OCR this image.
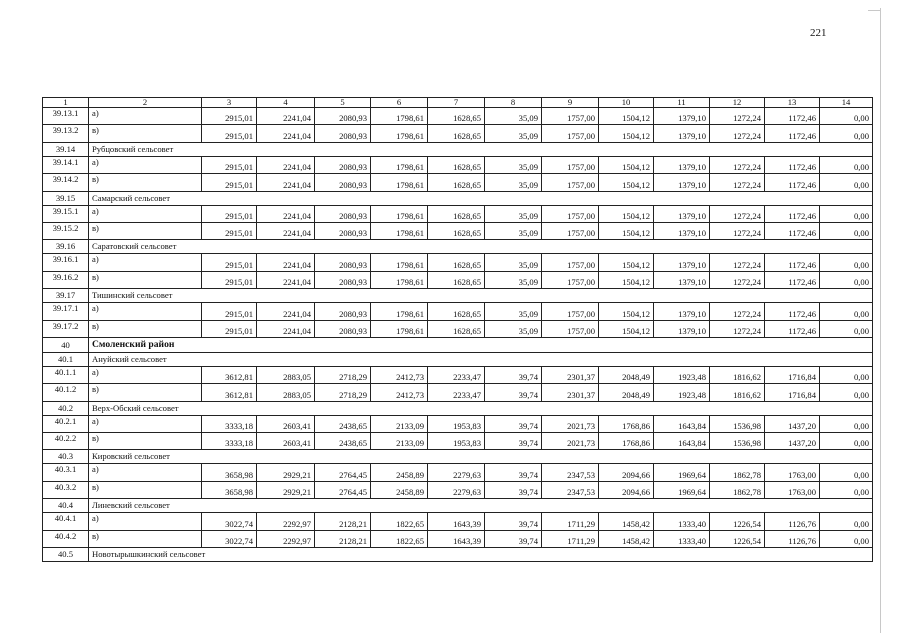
221
1	2	3	4	5	6	7	8	9	10	11	12	13	14
39.13.1	а)	2915,01	2241,04	2080,93	1798,61	1628,65	35,09	1757,00	1504,12	1379,10	1272,24	1172,46	0,00
39.13.2	в)	2915,01	2241,04	2080,93	1798,61	1628,65	35,09	1757,00	1504,12	1379,10	1272,24	1172,46	0,00
39.14	Рубцовский сельсовет												
39.14.1	а)	2915,01	2241,04	2080,93	1798,61	1628,65	35,09	1757,00	1504,12	1379,10	1272,24	1172,46	0,00
39.14.2	в)	2915,01	2241,04	2080,93	1798,61	1628,65	35,09	1757,00	1504,12	1379,10	1272,24	1172,46	0,00
39.15	Самарский сельсовет												
39.15.1	а)	2915,01	2241,04	2080,93	1798,61	1628,65	35,09	1757,00	1504,12	1379,10	1272,24	1172,46	0,00
39.15.2	в)	2915,01	2241,04	2080,93	1798,61	1628,65	35,09	1757,00	1504,12	1379,10	1272,24	1172,46	0,00
39.16	Саратовский сельсовет												
39.16.1	а)	2915,01	2241,04	2080,93	1798,61	1628,65	35,09	1757,00	1504,12	1379,10	1272,24	1172,46	0,00
39.16.2	в)	2915,01	2241,04	2080,93	1798,61	1628,65	35,09	1757,00	1504,12	1379,10	1272,24	1172,46	0,00
39.17	Тишинский сельсовет												
39.17.1	а)	2915,01	2241,04	2080,93	1798,61	1628,65	35,09	1757,00	1504,12	1379,10	1272,24	1172,46	0,00
39.17.2	в)	2915,01	2241,04	2080,93	1798,61	1628,65	35,09	1757,00	1504,12	1379,10	1272,24	1172,46	0,00
40	Смоленский район												
40.1	Ануйский сельсовет												
40.1.1	а)	3612,81	2883,05	2718,29	2412,73	2233,47	39,74	2301,37	2048,49	1923,48	1816,62	1716,84	0,00
40.1.2	в)	3612,81	2883,05	2718,29	2412,73	2233,47	39,74	2301,37	2048,49	1923,48	1816,62	1716,84	0,00
40.2	Верх-Обский сельсовет												
40.2.1	а)	3333,18	2603,41	2438,65	2133,09	1953,83	39,74	2021,73	1768,86	1643,84	1536,98	1437,20	0,00
40.2.2	в)	3333,18	2603,41	2438,65	2133,09	1953,83	39,74	2021,73	1768,86	1643,84	1536,98	1437,20	0,00
40.3	Кировский сельсовет												
40.3.1	а)	3658,98	2929,21	2764,45	2458,89	2279,63	39,74	2347,53	2094,66	1969,64	1862,78	1763,00	0,00
40.3.2	в)	3658,98	2929,21	2764,45	2458,89	2279,63	39,74	2347,53	2094,66	1969,64	1862,78	1763,00	0,00
40.4	Линевский сельсовет												
40.4.1	а)	3022,74	2292,97	2128,21	1822,65	1643,39	39,74	1711,29	1458,42	1333,40	1226,54	1126,76	0,00
40.4.2	в)	3022,74	2292,97	2128,21	1822,65	1643,39	39,74	1711,29	1458,42	1333,40	1226,54	1126,76	0,00
40.5	Новотырышкинский сельсовет												
